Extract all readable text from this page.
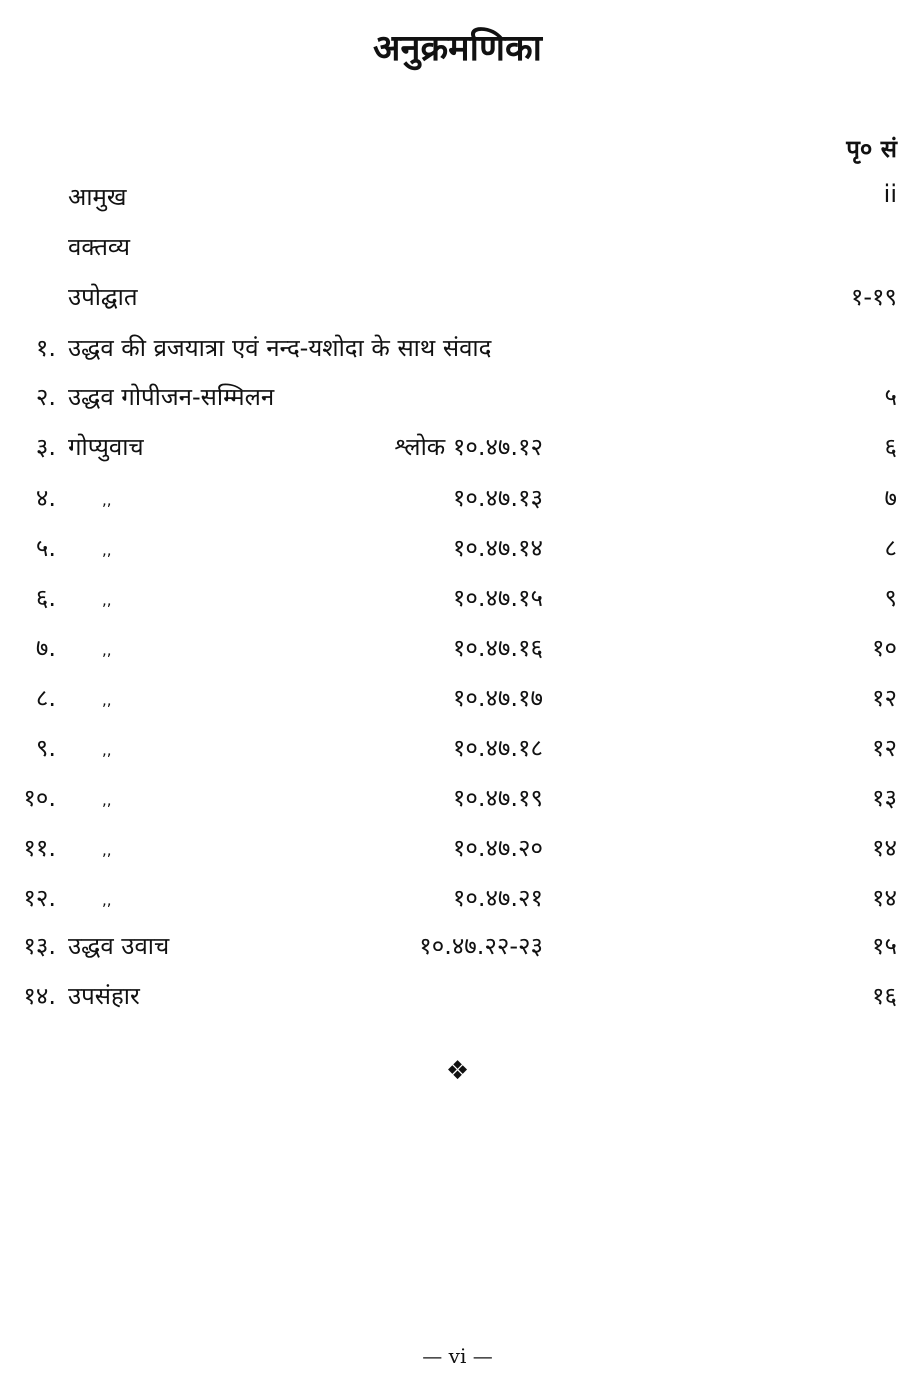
अनुक्रमणिका
पृ० सं
आमुख	ii
वक्तव्य
उपोद्घात	१-१९
१. उद्धव की व्रजयात्रा एवं नन्द-यशोदा के साथ संवाद
२. उद्धव गोपीजन-सम्मिलन	५
३. गोप्युवाच	श्लोक १०.४७.१२	६
४.	,,	१०.४७.१३	७
५.	,,	१०.४७.१४	८
६.	,,	१०.४७.१५	९
७.	,,	१०.४७.१६	१०
८.	,,	१०.४७.१७	१२
९.	,,	१०.४७.१८	१२
१०.	,,	१०.४७.१९	१३
११.	,,	१०.४७.२०	१४
१२.	,,	१०.४७.२१	१४
१३. उद्धव उवाच	१०.४७.२२-२३	१५
१४. उपसंहार	१६
❖
— vi —
